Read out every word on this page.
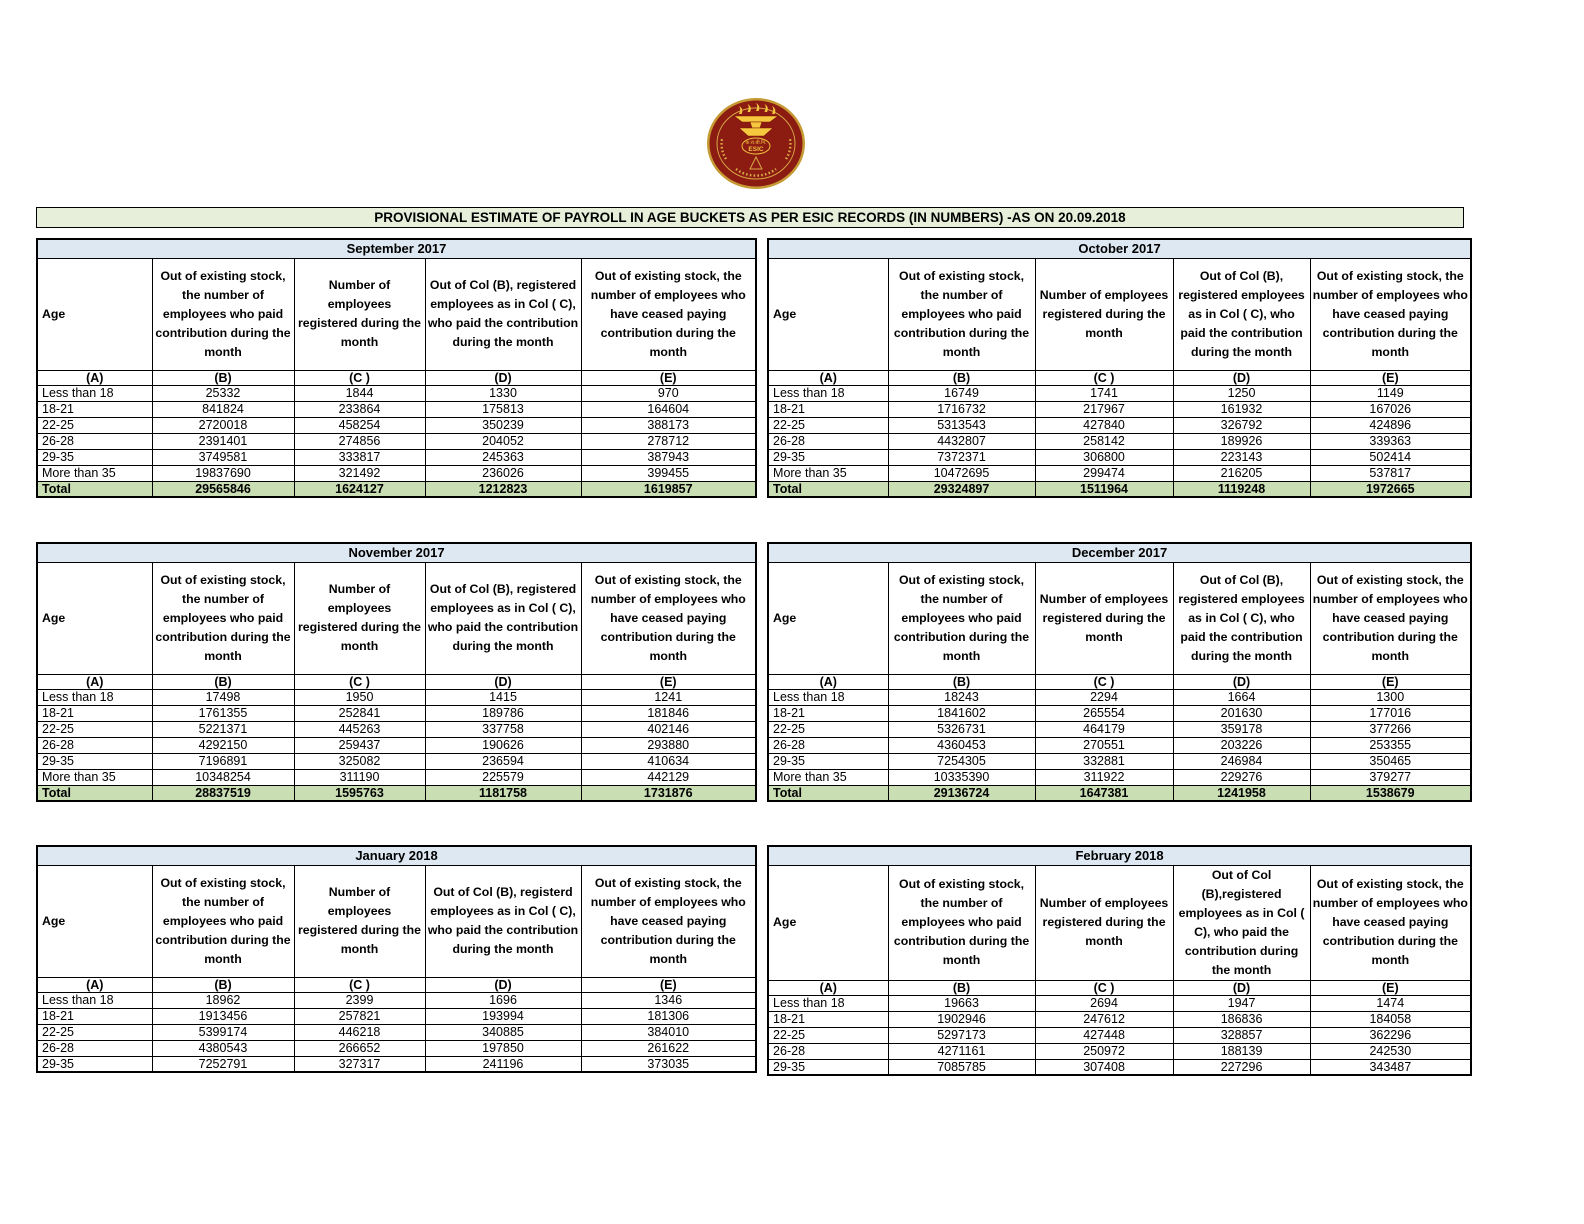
क.रा.बी.नि.
ESIC
PROVISIONAL ESTIMATE OF PAYROLL IN AGE BUCKETS AS PER ESIC RECORDS (IN NUMBERS) -AS ON 20.09.2018
September 2017				
Age	Out of existing stock, the number of employees who paid contribution during the month	Number of employees registered during the month	Out of Col (B), registered employees as in Col ( C), who paid the contribution during the month	Out of existing stock, the number of employees who have ceased paying contribution during the month
(A)	(B)	(C )	(D)	(E)
Less than 18	25332	1844	1330	970
18-21	841824	233864	175813	164604
22-25	2720018	458254	350239	388173
26-28	2391401	274856	204052	278712
29-35	3749581	333817	245363	387943
More than 35	19837690	321492	236026	399455
Total	29565846	1624127	1212823	1619857
October 2017				
Age	Out of existing stock, the number of employees who paid contribution during the month	Number of employees registered during the month	Out of Col (B), registered employees as in Col ( C), who paid the contribution during the month	Out of existing stock, the number of employees who have ceased paying contribution during the month
(A)	(B)	(C )	(D)	(E)
Less than 18	16749	1741	1250	1149
18-21	1716732	217967	161932	167026
22-25	5313543	427840	326792	424896
26-28	4432807	258142	189926	339363
29-35	7372371	306800	223143	502414
More than 35	10472695	299474	216205	537817
Total	29324897	1511964	1119248	1972665
November 2017				
Age	Out of existing stock, the number of employees who paid contribution during the month	Number of employees registered during the month	Out of Col (B), registered employees as in Col ( C), who paid the contribution during the month	Out of existing stock, the number of employees who have ceased paying contribution during the month
(A)	(B)	(C )	(D)	(E)
Less than 18	17498	1950	1415	1241
18-21	1761355	252841	189786	181846
22-25	5221371	445263	337758	402146
26-28	4292150	259437	190626	293880
29-35	7196891	325082	236594	410634
More than 35	10348254	311190	225579	442129
Total	28837519	1595763	1181758	1731876
December 2017				
Age	Out of existing stock, the number of employees who paid contribution during the month	Number of employees registered during the month	Out of Col (B), registered employees as in Col ( C), who paid the contribution during the month	Out of existing stock, the number of employees who have ceased paying contribution during the month
(A)	(B)	(C )	(D)	(E)
Less than 18	18243	2294	1664	1300
18-21	1841602	265554	201630	177016
22-25	5326731	464179	359178	377266
26-28	4360453	270551	203226	253355
29-35	7254305	332881	246984	350465
More than 35	10335390	311922	229276	379277
Total	29136724	1647381	1241958	1538679
January 2018				
Age	Out of existing stock, the number of employees who paid contribution during the month	Number of employees registered during the month	Out of Col (B), registerd employees as in Col ( C), who paid the contribution during the month	Out of existing stock, the number of employees who have ceased paying contribution during the month
(A)	(B)	(C )	(D)	(E)
Less than 18	18962	2399	1696	1346
18-21	1913456	257821	193994	181306
22-25	5399174	446218	340885	384010
26-28	4380543	266652	197850	261622
29-35	7252791	327317	241196	373035
February 2018				
Age	Out of existing stock, the number of employees who paid contribution during the month	Number of employees registered during the month	Out of Col (B),registered employees as in Col ( C), who paid the contribution during the month	Out of existing stock, the number of employees who have ceased paying contribution during the month
(A)	(B)	(C )	(D)	(E)
Less than 18	19663	2694	1947	1474
18-21	1902946	247612	186836	184058
22-25	5297173	427448	328857	362296
26-28	4271161	250972	188139	242530
29-35	7085785	307408	227296	343487
